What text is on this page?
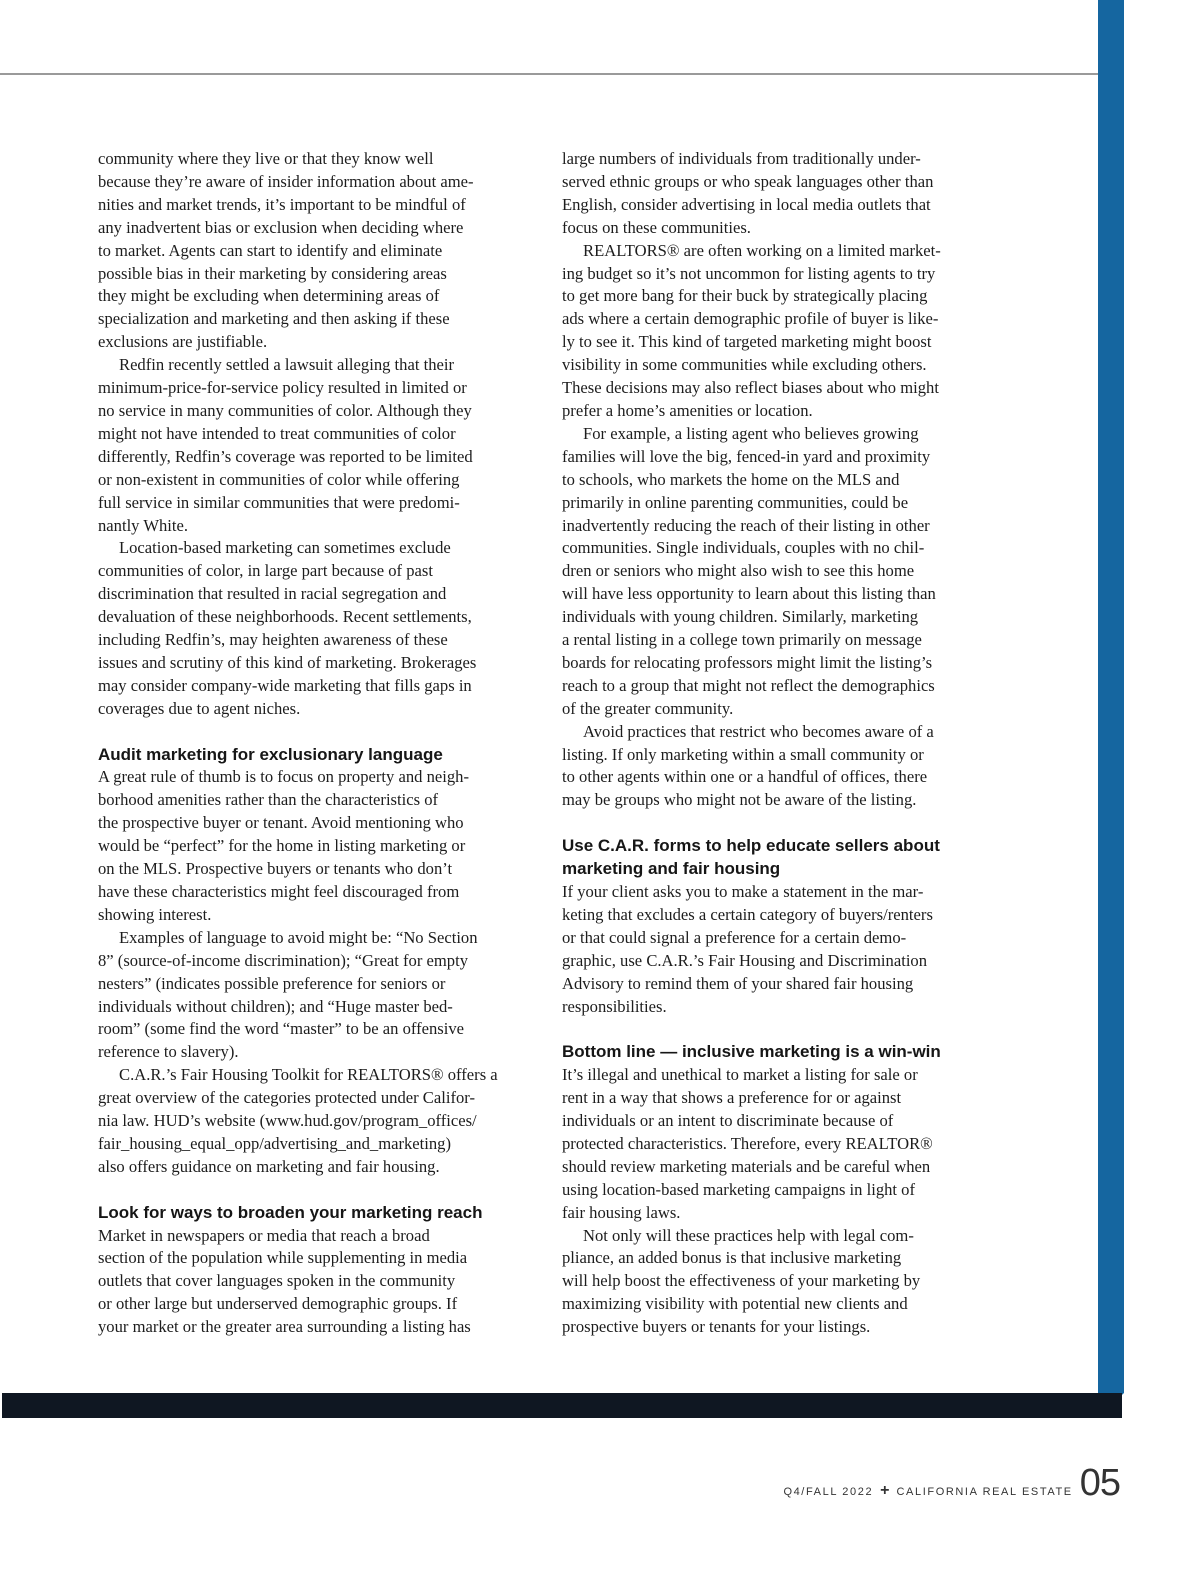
community where they live or that they know well
because they’re aware of insider information about ame-
nities and market trends, it’s important to be mindful of
any inadvertent bias or exclusion when deciding where
to market. Agents can start to identify and eliminate
possible bias in their marketing by considering areas
they might be excluding when determining areas of
specialization and marketing and then asking if these
exclusions are justifiable.

Redfin recently settled a lawsuit alleging that their
minimum-price-for-service policy resulted in limited or
no service in many communities of color. Although they
might not have intended to treat communities of color
differently, Redfin’s coverage was reported to be limited
or non-existent in communities of color while offering
full service in similar communities that were predomi-
nantly White.

Location-based marketing can sometimes exclude
communities of color, in large part because of past
discrimination that resulted in racial segregation and
devaluation of these neighborhoods. Recent settlements,
including Redfin’s, may heighten awareness of these
issues and scrutiny of this kind of marketing. Brokerages
may consider company-wide marketing that fills gaps in
coverages due to agent niches.

Audit marketing for exclusionary language

A great rule of thumb is to focus on property and neigh-
borhood amenities rather than the characteristics of
the prospective buyer or tenant. Avoid mentioning who
would be “perfect” for the home in listing marketing or
on the MLS. Prospective buyers or tenants who don’t
have these characteristics might feel discouraged from
showing interest.

Examples of language to avoid might be: “No Section
8” (source-of-income discrimination); “Great for empty
nesters” (indicates possible preference for seniors or
individuals without children); and “Huge master bed-
room” (some find the word “master” to be an offensive
reference to slavery).

C.A.R.’s Fair Housing Toolkit for REALTORS® offers a
great overview of the categories protected under Califor-
nia law. HUD’s website (www.hud.gov/program_offices/
fair_housing_equal_opp/advertising_and_marketing)
also offers guidance on marketing and fair housing.

Look for ways to broaden your marketing reach

Market in newspapers or media that reach a broad
section of the population while supplementing in media
outlets that cover languages spoken in the community
or other large but underserved demographic groups. If
your market or the greater area surrounding a listing has

large numbers of individuals from traditionally under-
served ethnic groups or who speak languages other than
English, consider advertising in local media outlets that
focus on these communities.

REALTORS® are often working on a limited market-
ing budget so it’s not uncommon for listing agents to try
to get more bang for their buck by strategically placing
ads where a certain demographic profile of buyer is like-
ly to see it. This kind of targeted marketing might boost
visibility in some communities while excluding others.
These decisions may also reflect biases about who might
prefer a home’s amenities or location.

For example, a listing agent who believes growing
families will love the big, fenced-in yard and proximity
to schools, who markets the home on the MLS and
primarily in online parenting communities, could be
inadvertently reducing the reach of their listing in other
communities. Single individuals, couples with no chil-
dren or seniors who might also wish to see this home
will have less opportunity to learn about this listing than
individuals with young children. Similarly, marketing
a rental listing in a college town primarily on message
boards for relocating professors might limit the listing’s
reach to a group that might not reflect the demographics
of the greater community.

Avoid practices that restrict who becomes aware of a
listing. If only marketing within a small community or
to other agents within one or a handful of offices, there
may be groups who might not be aware of the listing.

Use C.A.R. forms to help educate sellers about
marketing and fair housing

If your client asks you to make a statement in the mar-
keting that excludes a certain category of buyers/renters
or that could signal a preference for a certain demo-
graphic, use C.A.R.’s Fair Housing and Discrimination
Advisory to remind them of your shared fair housing
responsibilities.

Bottom line — inclusive marketing is a win-win

It’s illegal and unethical to market a listing for sale or
rent in a way that shows a preference for or against
individuals or an intent to discriminate because of
protected characteristics. Therefore, every REALTOR®
should review marketing materials and be careful when
using location-based marketing campaigns in light of
fair housing laws.

Not only will these practices help with legal com-
pliance, an added bonus is that inclusive marketing
will help boost the effectiveness of your marketing by
maximizing visibility with potential new clients and
prospective buyers or tenants for your listings.

Q4/FALL 2022 + CALIFORNIA REAL ESTATE 05
